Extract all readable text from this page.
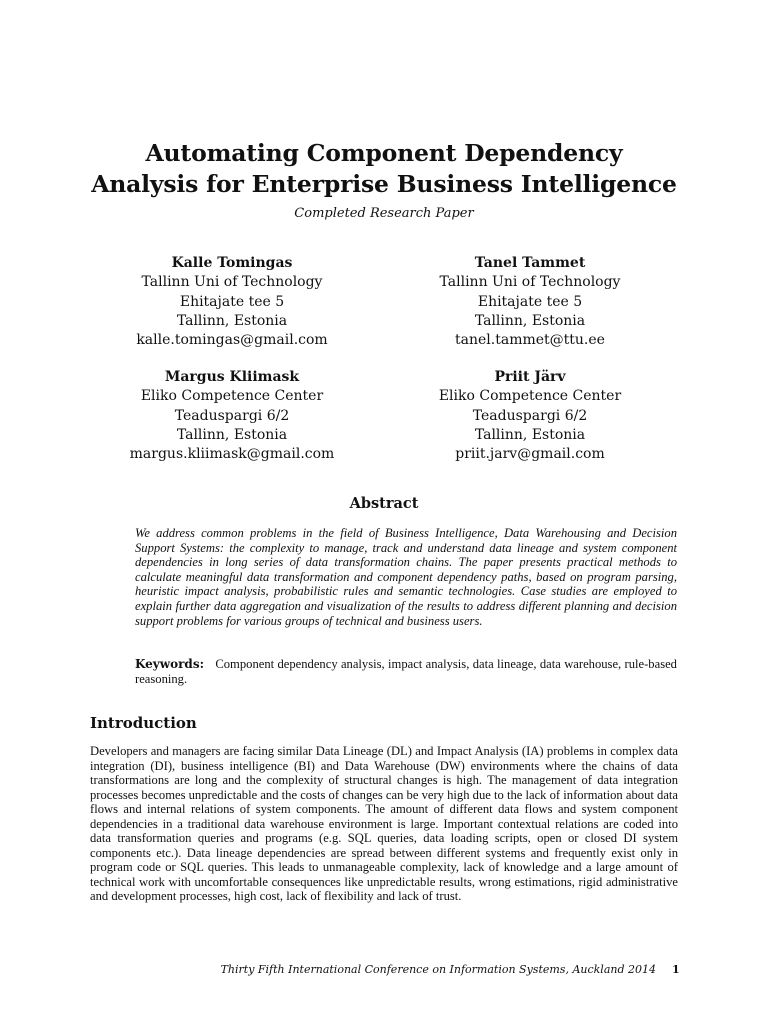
Automating Component Dependency
Analysis for Enterprise Business Intelligence
Completed Research Paper
Kalle Tomingas
Tallinn Uni of Technology
Ehitajate tee 5
Tallinn, Estonia
kalle.tomingas@gmail.com
Tanel Tammet
Tallinn Uni of Technology
Ehitajate tee 5
Tallinn, Estonia
tanel.tammet@ttu.ee
Margus Kliimask
Eliko Competence Center
Teaduspargi 6/2
Tallinn, Estonia
margus.kliimask@gmail.com
Priit Järv
Eliko Competence Center
Teaduspargi 6/2
Tallinn, Estonia
priit.jarv@gmail.com
Abstract
We address common problems in the field of Business Intelligence, Data Warehousing and Decision Support Systems: the complexity to manage, track and understand data lineage and system component dependencies in long series of data transformation chains. The paper presents practical methods to calculate meaningful data transformation and component dependency paths, based on program parsing, heuristic impact analysis, probabilistic rules and semantic technologies. Case studies are employed to explain further data aggregation and visualization of the results to address different planning and decision support problems for various groups of technical and business users.
Keywords: Component dependency analysis, impact analysis, data lineage, data warehouse, rule-based reasoning.
Introduction
Developers and managers are facing similar Data Lineage (DL) and Impact Analysis (IA) problems in complex data integration (DI), business intelligence (BI) and Data Warehouse (DW) environments where the chains of data transformations are long and the complexity of structural changes is high. The management of data integration processes becomes unpredictable and the costs of changes can be very high due to the lack of information about data flows and internal relations of system components. The amount of different data flows and system component dependencies in a traditional data warehouse environment is large. Important contextual relations are coded into data transformation queries and programs (e.g. SQL queries, data loading scripts, open or closed DI system components etc.). Data lineage dependencies are spread between different systems and frequently exist only in program code or SQL queries. This leads to unmanageable complexity, lack of knowledge and a large amount of technical work with uncomfortable consequences like unpredictable results, wrong estimations, rigid administrative and development processes, high cost, lack of flexibility and lack of trust.
Thirty Fifth International Conference on Information Systems, Auckland 2014 1
